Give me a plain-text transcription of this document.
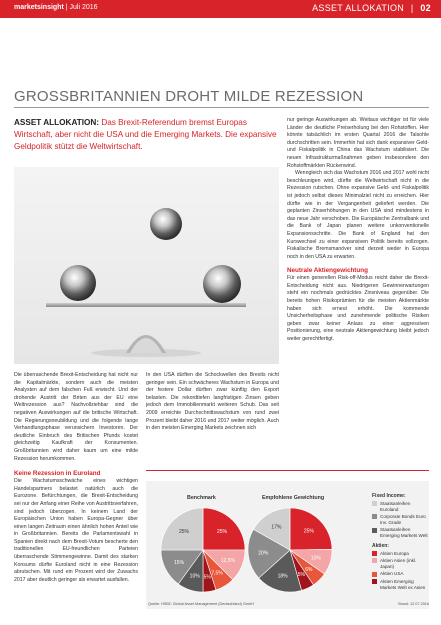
marketsinsight | Juli 2016	ASSET ALLOKATION | 02
GROSSBRITANNIEN DROHT MILDE REZESSION
ASSET ALLOKATION: Das Brexit-Referendum bremst Europas Wirtschaft, aber nicht die USA und die Emerging Markets. Die expansive Geldpolitik stützt die Weltwirtschaft.

Die überraschende Brexit-Entscheidung hat nicht nur die Kapitalmärkte, sondern auch die meisten Analysten auf dem falschen Fuß erwischt. Und der drohende Austritt der Briten aus der EU eine Weltrezession aus? Nachvollziehbar sind die negativen Auswirkungen auf die britische Wirtschaft. Die Regierungsneubildung und die folgende lange Verhandlungsphase verunsichern Investoren. Der deutliche Einbruch des Britischen Pfunds kostet gleichzeitig Kaufkraft der Konsumenten. Großbritannien wird daher kaum um eine milde Rezession herumkommen.

Keine Rezession in Euroland

Die Wachstumsschwäche eines wichtigen Handelspartners belastet natürlich auch die Eurozone. Befürchtungen, die Brexit-Entscheidung sei nur der Anfang einer Reihe von Austrittsverfahren, sind jedoch überzogen. In keinem Land der Europäischen Union haben Europa-Gegner über einen langen Zeitraum einen ähnlich hohen Anteil wie in Großbritannien. Bereits die Parlamentswahl in Spanien direkt nach dem Brexit-Votum bescherte den traditionellen EU-freundlichen Parteien überraschende Stimmengewinne. Damit des starken Konsums dürfte Euroland nicht in eine Rezession abrutschen. Mit rund ein Prozent wird der Zuwachs 2017 aber deutlich geringer als erwartet ausfallen.

In den USA dürften die Schockwellen des Brexits nicht geringer sein. Ein schwächeres Wachstum in Europa und der festere Dollar dürften zwar künftig den Export belasten. Die rekordtiefen langfristigen Zinsen geben jedoch dem Immobilienmarkt weiteren Schub. Das seit 2009 erreichte Durchschnittswachstum von rund zwei Prozent bleibt daher 2016 und 2017 weiter möglich. Auch in den meisten Emerging Markets zeichnen sich

nur geringe Auswirkungen ab. Weitaus wichtiger ist für viele Länder die deutliche Preiserholung bei den Rohstoffen. Hier könnte tatsächlich im ersten Quartal 2016 die Talsohle durchschritten sein. Immerhin hat sich dank expansiver Geld- und Fiskalpolitik in China das Wachstum stabilisiert. Die neuen Infrastrukturmaßnahmen geben insbesondere den Rohstoffmärkten Rückenwind.

Wenngleich sich das Wachstum 2016 und 2017 wohl nicht beschleunigen wird, dürfte die Weltwirtschaft nicht in die Rezession rutschen. Ohne expansive Geld- und Fiskalpolitik ist jedoch selbst dieses Minimalziel nicht zu erreichen. Hier dürfte wie in der Vergangenheit geliefert werden. Die geplanten Zinserhöhungen in den USA sind mindestens in das neue Jahr verschoben. Die Europäische Zentralbank und die Bank of Japan planen weitere unkonventionelle Expansionsschritte. Die Bank of England hat den Kurswechsel zu einer expansiven Politik bereits vollzogen. Fiskalische Bremsmanöver sind derzeit weder in Europa noch in den USA zu erwarten.

Neutrale Aktiengewichtung

Für einen generellen Risk-off-Modus reicht daher die Brexit-Entscheidung nicht aus. Niedrigeren Gewinnerwartungen steht ein nochmals gedrücktes Zinsniveau gegenüber. Die bereits hohen Risikoprämien für die meisten Aktienmärkte haben sich erneut erhöht. Die kommende Unsicherheitsphase und zunehmende politische Risiken geben zwar keiner Anlass zu einer aggressiven Positionierung, eine neutrale Aktiengewichtung bleibt jedoch weiter gerechtfertigt.

Benchmark	Empfohlene Gewichtung
25%
12,5%
7,5%
5%
10%
15%
25%	25%
10%
6%
5%
18%
20%
17%
Fixed Income:
Staatsanleihen Euroland
Corporate Bonds Euro Inv. Grade
Staatsanleihen Emerging Markets Welt
Aktien:
Aktien Europa
Aktien Asien (inkl. Japan)
Aktien USA
Aktien Emerging Markets Welt ex Asien
Quelle: HSBC Global Asset Management (Deutschland) GmbH	Stand: 12.07.2016
